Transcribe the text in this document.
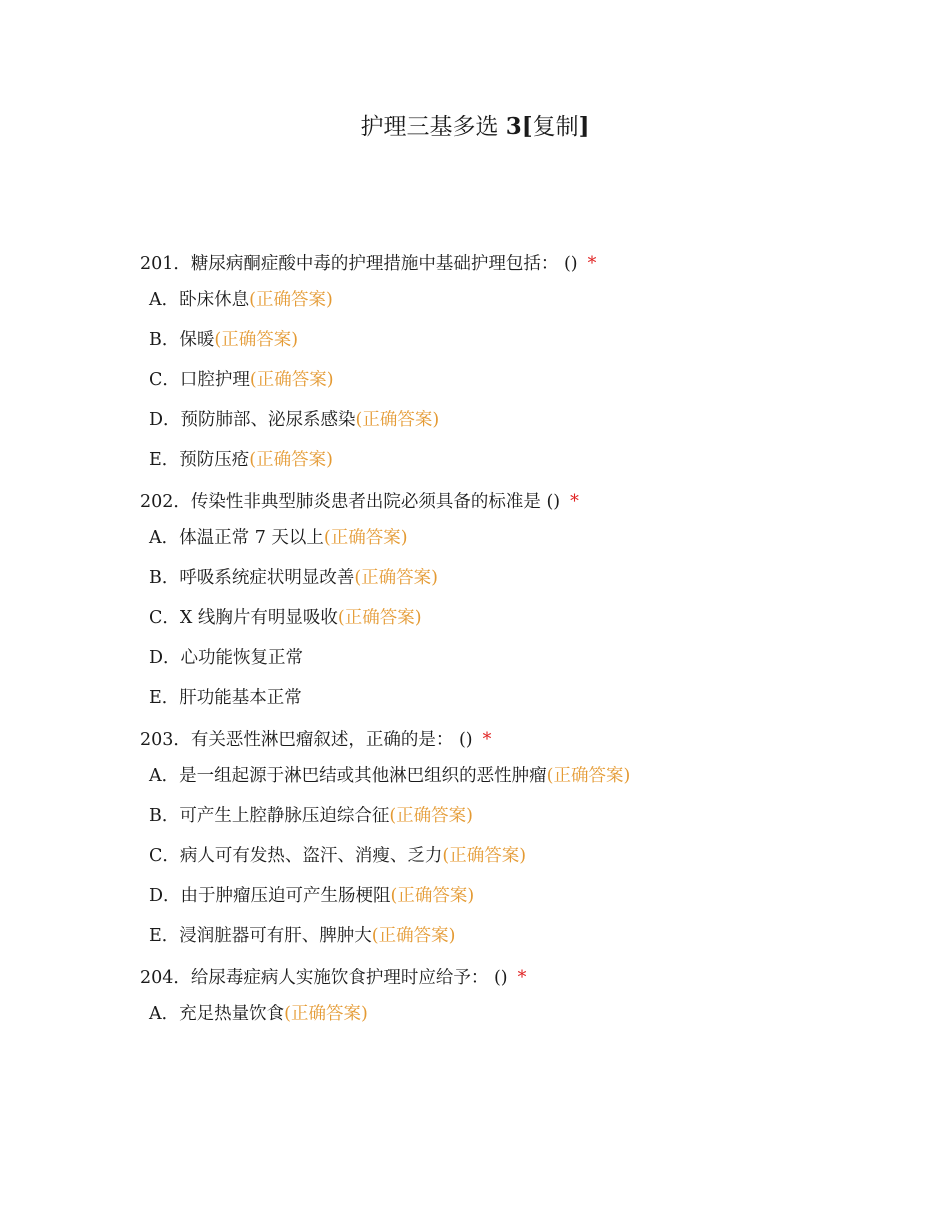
护理三基多选 3[复制]
201．糖尿病酮症酸中毒的护理措施中基础护理包括： () *
A．卧床休息(正确答案)
B．保暖(正确答案)
C．口腔护理(正确答案)
D．预防肺部、泌尿系感染(正确答案)
E．预防压疮(正确答案)
202．传染性非典型肺炎患者出院必须具备的标准是 () *
A．体温正常 7 天以上(正确答案)
B．呼吸系统症状明显改善(正确答案)
C．X 线胸片有明显吸收(正确答案)
D．心功能恢复正常
E．肝功能基本正常
203．有关恶性淋巴瘤叙述，正确的是： () *
A．是一组起源于淋巴结或其他淋巴组织的恶性肿瘤(正确答案)
B．可产生上腔静脉压迫综合征(正确答案)
C．病人可有发热、盗汗、消瘦、乏力(正确答案)
D．由于肿瘤压迫可产生肠梗阻(正确答案)
E．浸润脏器可有肝、脾肿大(正确答案)
204．给尿毒症病人实施饮食护理时应给予： () *
A．充足热量饮食(正确答案)
